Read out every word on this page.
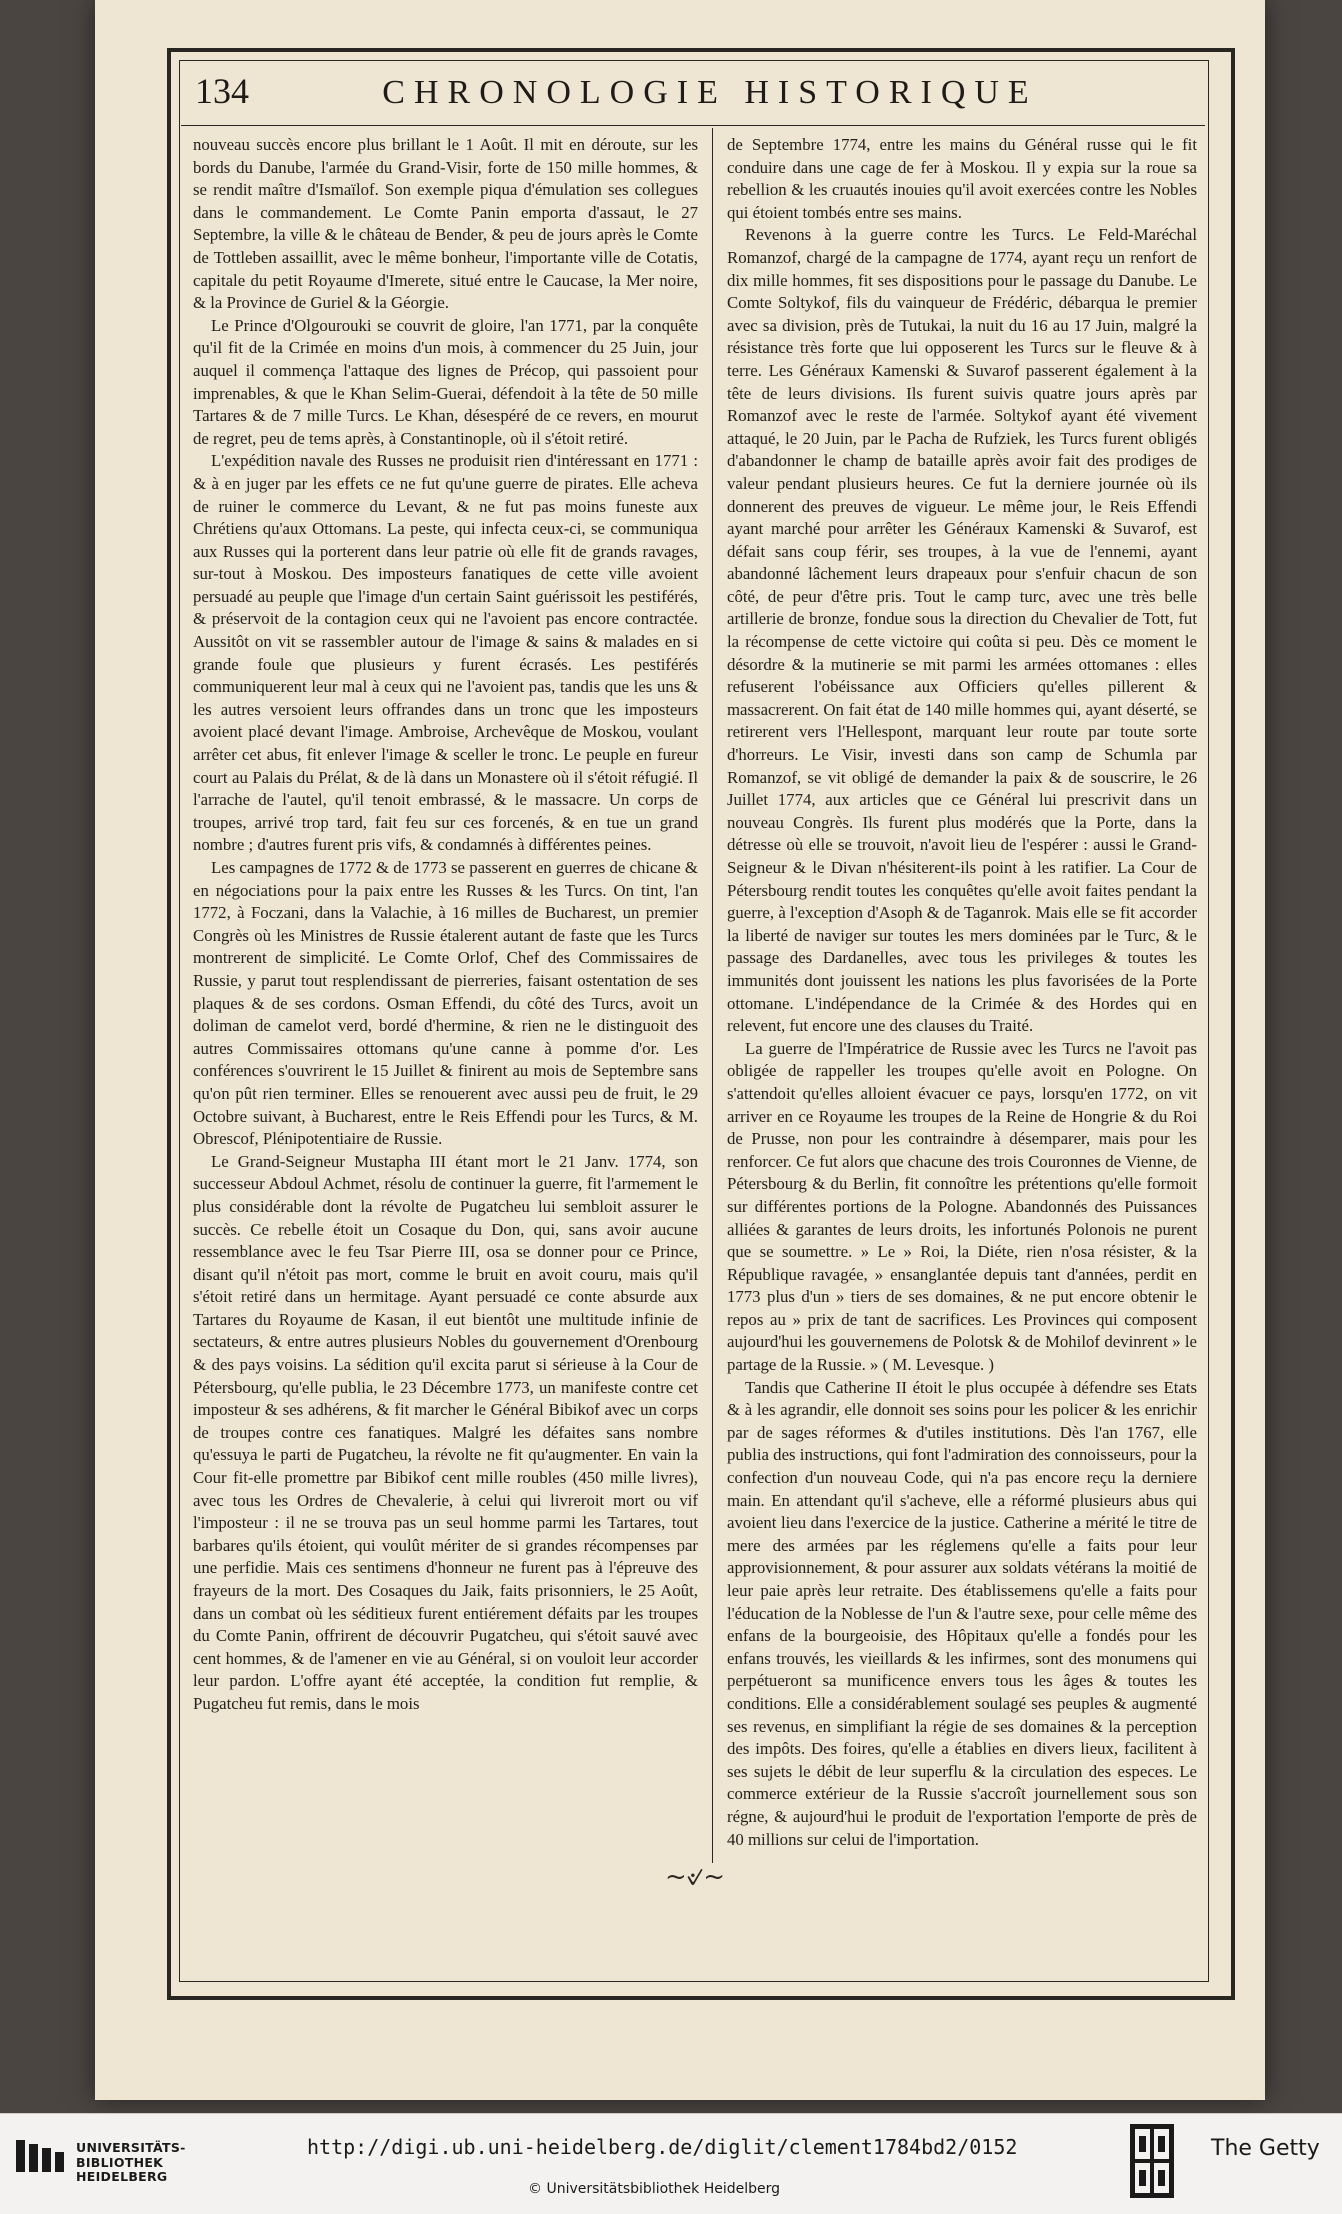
134	CHRONOLOGIE HISTORIQUE

nouveau succès encore plus brillant le 1 Août. Il mit en déroute, sur les bords du Danube, l'armée du Grand-Visir, forte de 150 mille hommes, & se rendit maître d'Ismaïlof. Son exemple piqua d'émulation ses collegues dans le commandement. Le Comte Panin emporta d'assaut, le 27 Septembre, la ville & le château de Bender, & peu de jours après le Comte de Tottleben assaillit, avec le même bonheur, l'importante ville de Cotatis, capitale du petit Royaume d'Imerete, situé entre le Caucase, la Mer noire, & la Province de Guriel & la Géorgie.

Le Prince d'Olgourouki se couvrit de gloire, l'an 1771, par la conquête qu'il fit de la Crimée en moins d'un mois, à commencer du 25 Juin, jour auquel il commença l'attaque des lignes de Précop, qui passoient pour imprenables, & que le Khan Selim-Guerai, défendoit à la tête de 50 mille Tartares & de 7 mille Turcs. Le Khan, désespéré de ce revers, en mourut de regret, peu de tems après, à Constantinople, où il s'étoit retiré.

L'expédition navale des Russes ne produisit rien d'intéressant en 1771 : & à en juger par les effets ce ne fut qu'une guerre de pirates. Elle acheva de ruiner le commerce du Levant, & ne fut pas moins funeste aux Chrétiens qu'aux Ottomans. La peste, qui infecta ceux-ci, se communiqua aux Russes qui la porterent dans leur patrie où elle fit de grands ravages, sur-tout à Moskou. Des imposteurs fanatiques de cette ville avoient persuadé au peuple que l'image d'un certain Saint guérissoit les pestiférés, & préservoit de la contagion ceux qui ne l'avoient pas encore contractée. Aussitôt on vit se rassembler autour de l'image & sains & malades en si grande foule que plusieurs y furent écrasés. Les pestiférés communiquerent leur mal à ceux qui ne l'avoient pas, tandis que les uns & les autres versoient leurs offrandes dans un tronc que les imposteurs avoient placé devant l'image. Ambroise, Archevêque de Moskou, voulant arrêter cet abus, fit enlever l'image & sceller le tronc. Le peuple en fureur court au Palais du Prélat, & de là dans un Monastere où il s'étoit réfugié. Il l'arrache de l'autel, qu'il tenoit embrassé, & le massacre. Un corps de troupes, arrivé trop tard, fait feu sur ces forcenés, & en tue un grand nombre ; d'autres furent pris vifs, & condamnés à différentes peines.

Les campagnes de 1772 & de 1773 se passerent en guerres de chicane & en négociations pour la paix entre les Russes & les Turcs. On tint, l'an 1772, à Foczani, dans la Valachie, à 16 milles de Bucharest, un premier Congrès où les Ministres de Russie étalerent autant de faste que les Turcs montrerent de simplicité. Le Comte Orlof, Chef des Commissaires de Russie, y parut tout resplendissant de pierreries, faisant ostentation de ses plaques & de ses cordons. Osman Effendi, du côté des Turcs, avoit un doliman de camelot verd, bordé d'hermine, & rien ne le distinguoit des autres Commissaires ottomans qu'une canne à pomme d'or. Les conférences s'ouvrirent le 15 Juillet & finirent au mois de Septembre sans qu'on pût rien terminer. Elles se renouerent avec aussi peu de fruit, le 29 Octobre suivant, à Bucharest, entre le Reis Effendi pour les Turcs, & M. Obrescof, Plénipotentiaire de Russie.

Le Grand-Seigneur Mustapha III étant mort le 21 Janv. 1774, son successeur Abdoul Achmet, résolu de continuer la guerre, fit l'armement le plus considérable dont la révolte de Pugatcheu lui sembloit assurer le succès. Ce rebelle étoit un Cosaque du Don, qui, sans avoir aucune ressemblance avec le feu Tsar Pierre III, osa se donner pour ce Prince, disant qu'il n'étoit pas mort, comme le bruit en avoit couru, mais qu'il s'étoit retiré dans un hermitage. Ayant persuadé ce conte absurde aux Tartares du Royaume de Kasan, il eut bientôt une multitude infinie de sectateurs, & entre autres plusieurs Nobles du gouvernement d'Orenbourg & des pays voisins. La sédition qu'il excita parut si sérieuse à la Cour de Pétersbourg, qu'elle publia, le 23 Décembre 1773, un manifeste contre cet imposteur & ses adhérens, & fit marcher le Général Bibikof avec un corps de troupes contre ces fanatiques. Malgré les défaites sans nombre qu'essuya le parti de Pugatcheu, la révolte ne fit qu'augmenter. En vain la Cour fit-elle promettre par Bibikof cent mille roubles (450 mille livres), avec tous les Ordres de Chevalerie, à celui qui livreroit mort ou vif l'imposteur : il ne se trouva pas un seul homme parmi les Tartares, tout barbares qu'ils étoient, qui voulût mériter de si grandes récompenses par une perfidie. Mais ces sentimens d'honneur ne furent pas à l'épreuve des frayeurs de la mort. Des Cosaques du Jaik, faits prisonniers, le 25 Août, dans un combat où les séditieux furent entiérement défaits par les troupes du Comte Panin, offrirent de découvrir Pugatcheu, qui s'étoit sauvé avec cent hommes, & de l'amener en vie au Général, si on vouloit leur accorder leur pardon. L'offre ayant été acceptée, la condition fut remplie, & Pugatcheu fut remis, dans le mois

de Septembre 1774, entre les mains du Général russe qui le fit conduire dans une cage de fer à Moskou. Il y expia sur la roue sa rebellion & les cruautés inouies qu'il avoit exercées contre les Nobles qui étoient tombés entre ses mains.

Revenons à la guerre contre les Turcs. Le Feld-Maréchal Romanzof, chargé de la campagne de 1774, ayant reçu un renfort de dix mille hommes, fit ses dispositions pour le passage du Danube. Le Comte Soltykof, fils du vainqueur de Frédéric, débarqua le premier avec sa division, près de Tutukai, la nuit du 16 au 17 Juin, malgré la résistance très forte que lui opposerent les Turcs sur le fleuve & à terre. Les Généraux Kamenski & Suvarof passerent également à la tête de leurs divisions. Ils furent suivis quatre jours après par Romanzof avec le reste de l'armée. Soltykof ayant été vivement attaqué, le 20 Juin, par le Pacha de Rufziek, les Turcs furent obligés d'abandonner le champ de bataille après avoir fait des prodiges de valeur pendant plusieurs heures. Ce fut la derniere journée où ils donnerent des preuves de vigueur. Le même jour, le Reis Effendi ayant marché pour arrêter les Généraux Kamenski & Suvarof, est défait sans coup férir, ses troupes, à la vue de l'ennemi, ayant abandonné lâchement leurs drapeaux pour s'enfuir chacun de son côté, de peur d'être pris. Tout le camp turc, avec une très belle artillerie de bronze, fondue sous la direction du Chevalier de Tott, fut la récompense de cette victoire qui coûta si peu. Dès ce moment le désordre & la mutinerie se mit parmi les armées ottomanes : elles refuserent l'obéissance aux Officiers qu'elles pillerent & massacrerent. On fait état de 140 mille hommes qui, ayant déserté, se retirerent vers l'Hellespont, marquant leur route par toute sorte d'horreurs. Le Visir, investi dans son camp de Schumla par Romanzof, se vit obligé de demander la paix & de souscrire, le 26 Juillet 1774, aux articles que ce Général lui prescrivit dans un nouveau Congrès. Ils furent plus modérés que la Porte, dans la détresse où elle se trouvoit, n'avoit lieu de l'espérer : aussi le Grand-Seigneur & le Divan n'hésiterent-ils point à les ratifier. La Cour de Pétersbourg rendit toutes les conquêtes qu'elle avoit faites pendant la guerre, à l'exception d'Asoph & de Taganrok. Mais elle se fit accorder la liberté de naviger sur toutes les mers dominées par le Turc, & le passage des Dardanelles, avec tous les privileges & toutes les immunités dont jouissent les nations les plus favorisées de la Porte ottomane. L'indépendance de la Crimée & des Hordes qui en relevent, fut encore une des clauses du Traité.

La guerre de l'Impératrice de Russie avec les Turcs ne l'avoit pas obligée de rappeller les troupes qu'elle avoit en Pologne. On s'attendoit qu'elles alloient évacuer ce pays, lorsqu'en 1772, on vit arriver en ce Royaume les troupes de la Reine de Hongrie & du Roi de Prusse, non pour les contraindre à désemparer, mais pour les renforcer. Ce fut alors que chacune des trois Couronnes de Vienne, de Pétersbourg & du Berlin, fit connoître les prétentions qu'elle formoit sur différentes portions de la Pologne. Abandonnés des Puissances alliées & garantes de leurs droits, les infortunés Polonois ne purent que se soumettre. » Le » Roi, la Diéte, rien n'osa résister, & la République ravagée, » ensanglantée depuis tant d'années, perdit en 1773 plus d'un » tiers de ses domaines, & ne put encore obtenir le repos au » prix de tant de sacrifices. Les Provinces qui composent aujourd'hui les gouvernemens de Polotsk & de Mohilof devinrent » le partage de la Russie. » ( M. Levesque. )

Tandis que Catherine II étoit le plus occupée à défendre ses Etats & à les agrandir, elle donnoit ses soins pour les policer & les enrichir par de sages réformes & d'utiles institutions. Dès l'an 1767, elle publia des instructions, qui font l'admiration des connoisseurs, pour la confection d'un nouveau Code, qui n'a pas encore reçu la derniere main. En attendant qu'il s'acheve, elle a réformé plusieurs abus qui avoient lieu dans l'exercice de la justice. Catherine a mérité le titre de mere des armées par les réglemens qu'elle a faits pour leur approvisionnement, & pour assurer aux soldats vétérans la moitié de leur paie après leur retraite. Des établissemens qu'elle a faits pour l'éducation de la Noblesse de l'un & l'autre sexe, pour celle même des enfans de la bourgeoisie, des Hôpitaux qu'elle a fondés pour les enfans trouvés, les vieillards & les infirmes, sont des monumens qui perpétueront sa munificence envers tous les âges & toutes les conditions. Elle a considérablement soulagé ses peuples & augmenté ses revenus, en simplifiant la régie de ses domaines & la perception des impôts. Des foires, qu'elle a établies en divers lieux, facilitent à ses sujets le débit de leur superflu & la circulation des especes. Le commerce extérieur de la Russie s'accroît journellement sous son régne, & aujourd'hui le produit de l'exportation l'emporte de près de 40 millions sur celui de l'importation.

~୰~
UNIVERSITÄTS-
BIBLIOTHEK
HEIDELBERG
http://digi.ub.uni-heidelberg.de/diglit/clement1784bd2/0152
© Universitätsbibliothek Heidelberg
The Getty
